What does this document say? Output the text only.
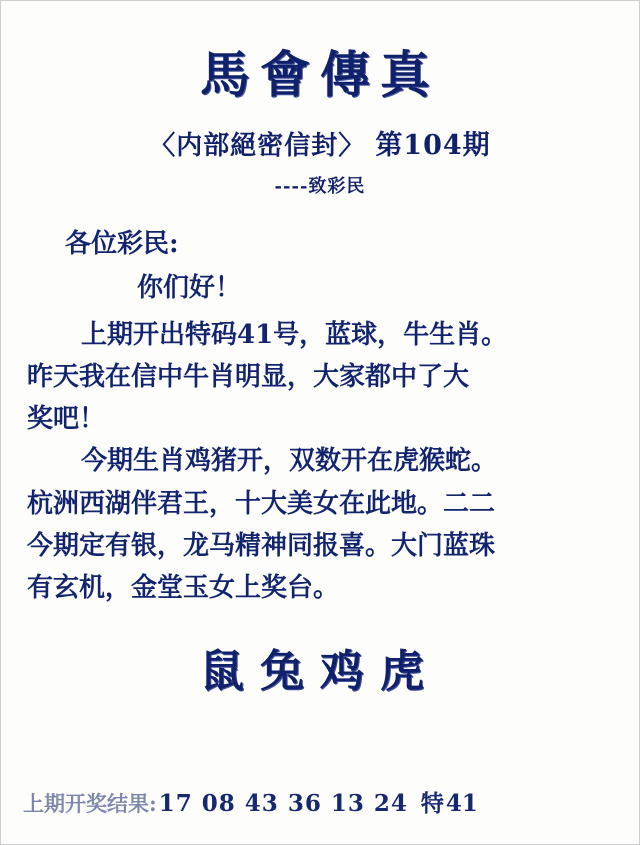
馬會傳真
〈内部絕密信封〉 第104期
----致彩民
各位彩民:
你们好！
上期开出特码41号，蓝球，牛生肖。
昨天我在信中牛肖明显，大家都中了大
奖吧！
今期生肖鸡猪开，双数开在虎猴蛇。
杭洲西湖伴君王，十大美女在此地。二二
今期定有银，龙马精神同报喜。大门蓝珠
有玄机，金堂玉女上奖台。
鼠兔鸡虎
上期开奖结果: 17 08 43 36 13 24 特 41
